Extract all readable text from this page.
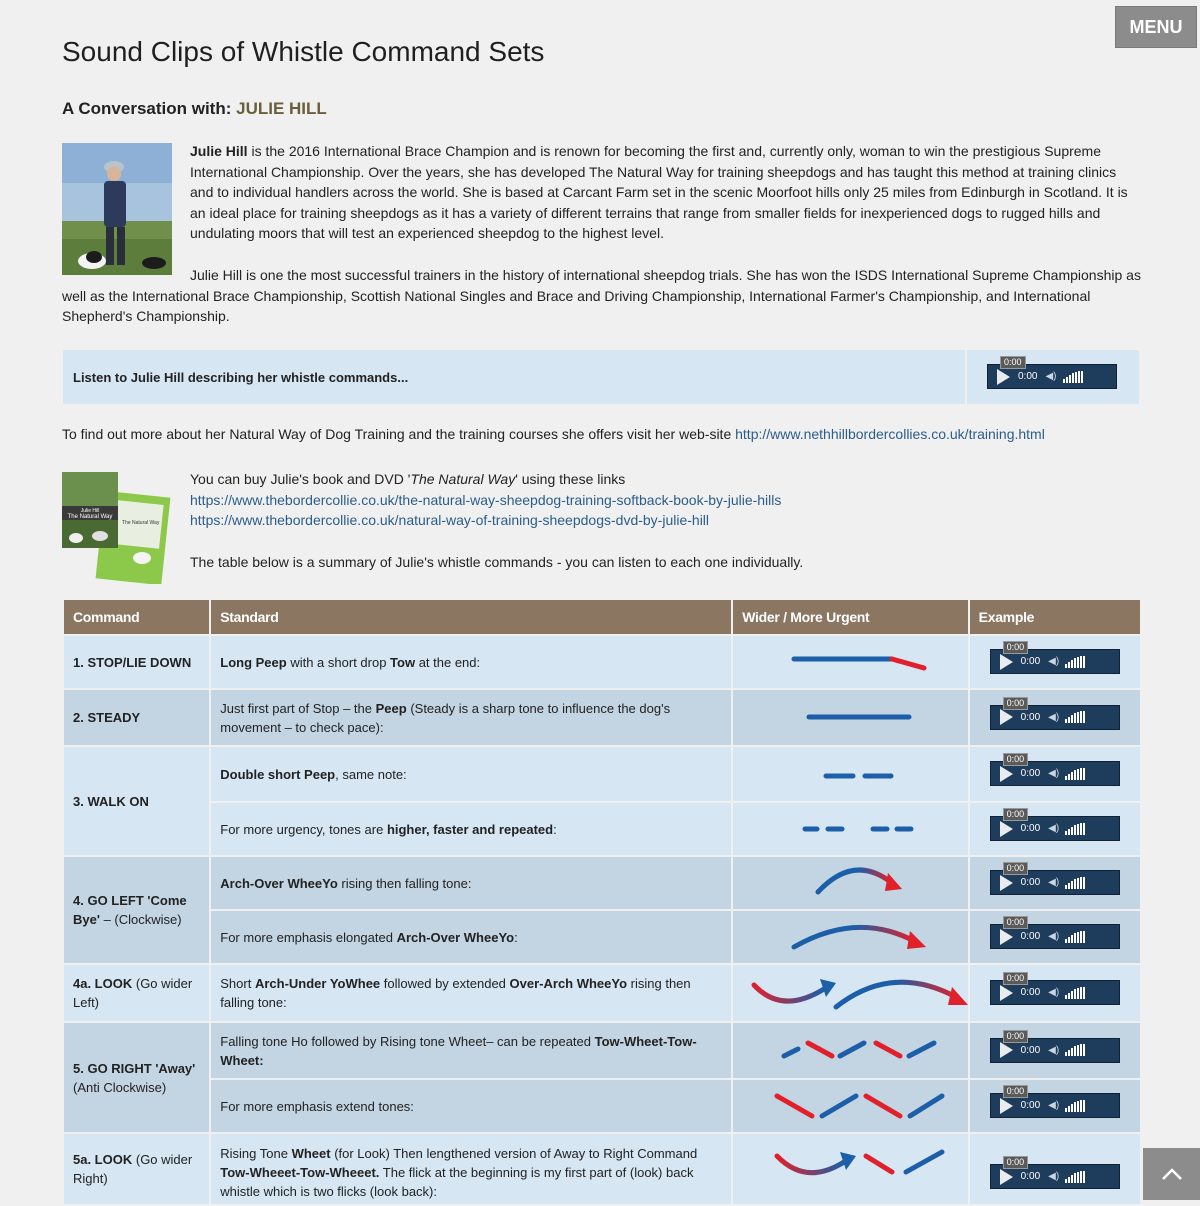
MENU
Sound Clips of Whistle Command Sets
A Conversation with: JULIE HILL

Julie Hill is the 2016 International Brace Champion and is renown for becoming the first and, currently only, woman to win the prestigious Supreme International Championship. Over the years, she has developed The Natural Way for training sheepdogs and has taught this method at training clinics and to individual handlers across the world. She is based at Carcant Farm set in the scenic Moorfoot hills only 25 miles from Edinburgh in Scotland. It is an ideal place for training sheepdogs as it has a variety of different terrains that range from smaller fields for inexperienced dogs to rugged hills and undulating moors that will test an experienced sheepdog to the highest level.

Julie Hill is one the most successful trainers in the history of international sheepdog trials. She has won the ISDS International Supreme Championship as well as the International Brace Championship, Scottish National Singles and Brace and Driving Championship, International Farmer's Championship, and International Shepherd's Championship.

Listen to Julie Hill describing her whistle commands...
0:00
0:00 ◀)

To find out more about her Natural Way of Dog Training and the training courses she offers visit her web-site http://www.nethhillbordercollies.co.uk/training.html

The Natural Way
Julie Hill
The Natural Way
You can buy Julie's book and DVD 'The Natural Way' using these links
https://www.thebordercollie.co.uk/the-natural-way-sheepdog-training-softback-book-by-julie-hills
https://www.thebordercollie.co.uk/natural-way-of-training-sheepdogs-dvd-by-julie-hill

The table below is a summary of Julie's whistle commands - you can listen to each one individually.

Command	Standard	Wider / More Urgent	Example
1. STOP/LIE DOWN	Long Peep with a short drop Tow at the end:		0:00
0:00 ◀)

2. STEADY	Just first part of Stop – the Peep (Steady is a sharp tone to influence the dog's movement – to check pace):		0:00
0:00 ◀)

3. WALK ON	Double short Peep, same note:		0:00
0:00 ◀)

	For more urgency, tones are higher, faster and repeated:		0:00
0:00 ◀)

4. GO LEFT 'Come Bye' – (Clockwise)	Arch-Over WheeYo rising then falling tone:		0:00
0:00 ◀)

	For more emphasis elongated Arch-Over WheeYo:		0:00
0:00 ◀)

4a. LOOK (Go wider Left)	Short Arch-Under YoWhee followed by extended Over-Arch WheeYo rising then falling tone:		0:00
0:00 ◀)

5. GO RIGHT 'Away' (Anti Clockwise)	Falling tone Ho followed by Rising tone Wheet– can be repeated Tow-Wheet-Tow-Wheet:		0:00
0:00 ◀)

	For more emphasis extend tones:		0:00
0:00 ◀)

5a. LOOK (Go wider Right)	Rising Tone Wheet (for Look) Then lengthened version of Away to Right Command Tow-Wheeet-Tow-Wheeet. The flick at the beginning is my first part of (look) back whistle which is two flicks (look back):		0:00
0:00 ◀)
